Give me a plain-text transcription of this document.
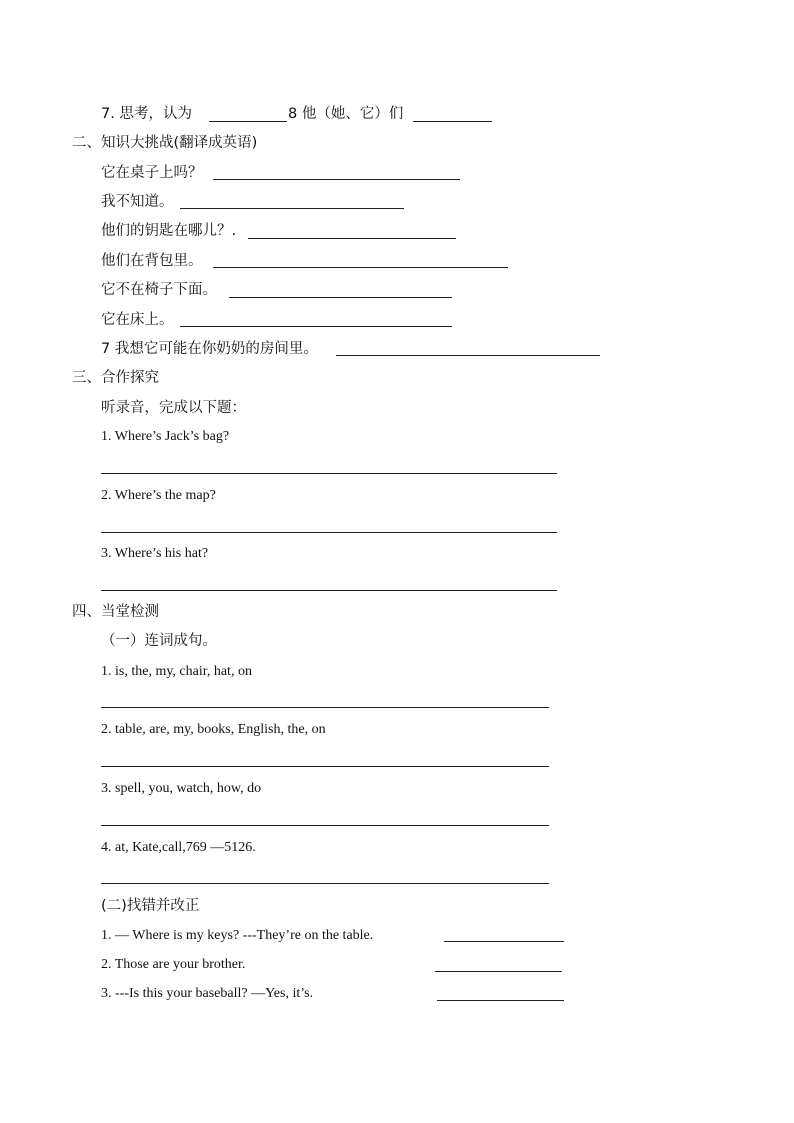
7. 思考，认为	8 他（她、它）们
二、知识大挑战(翻译成英语)
它在桌子上吗？
我不知道。
他们的钥匙在哪儿？.
他们在背包里。
它不在椅子下面。
它在床上。
7 我想它可能在你奶奶的房间里。
三、合作探究
听录音，完成以下题：
1. Where’s Jack’s bag?
2. Where’s the map?
3. Where’s his hat?
四、当堂检测
（一）连词成句。
1. is, the, my, chair, hat, on
2. table, are, my, books, English, the, on
3. spell, you, watch, how, do
4. at, Kate,call,769 —5126.
(二)找错并改正
1. — Where is my keys? ---They’re on the table.
2. Those are your brother.
3. ---Is this your baseball? —Yes, it’s.
